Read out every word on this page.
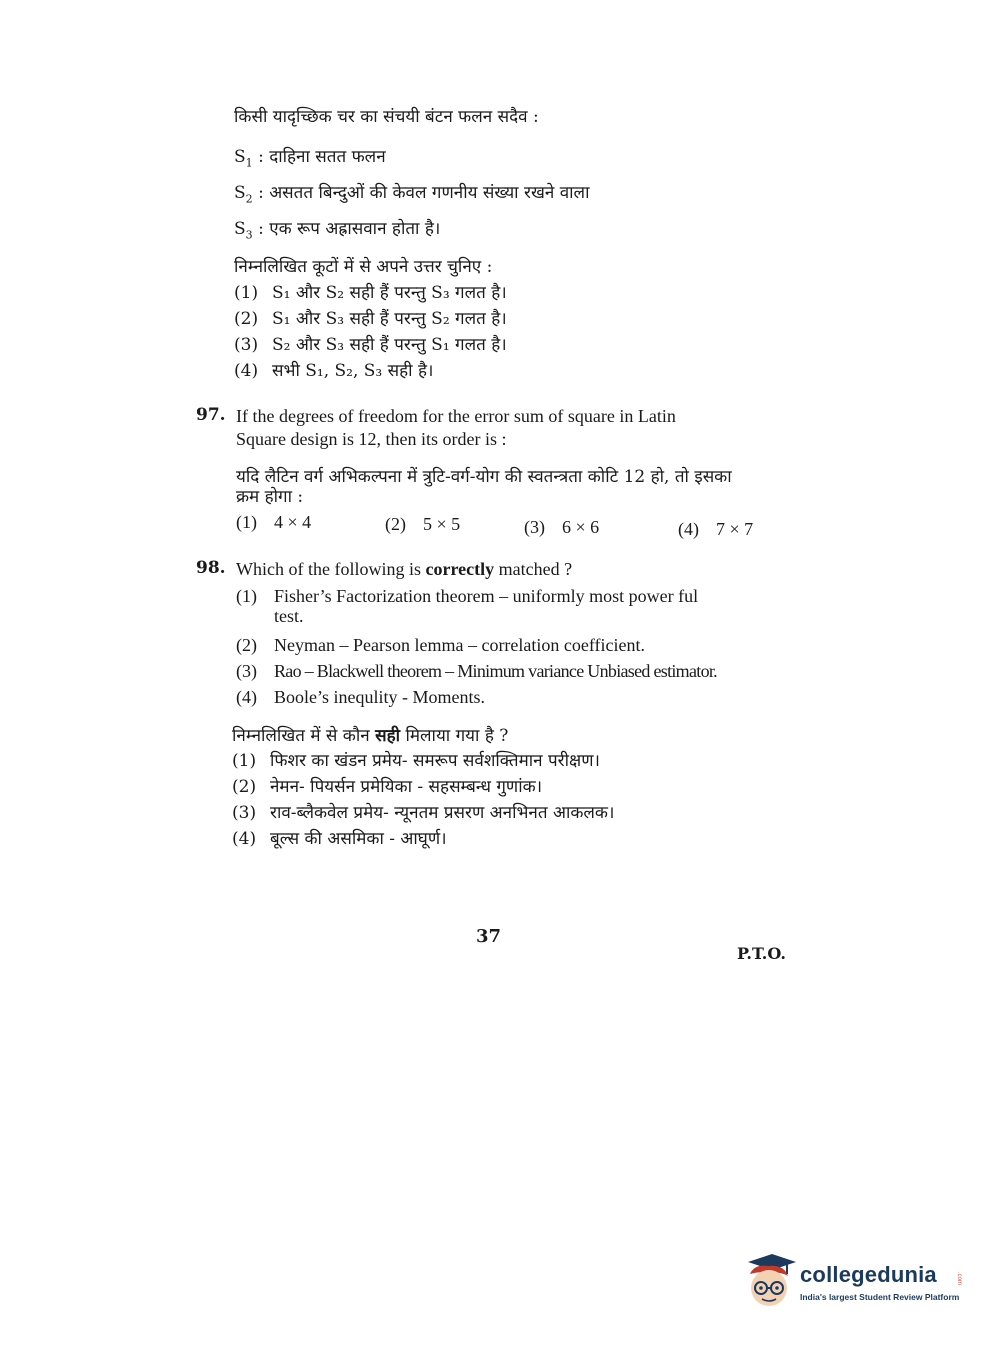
किसी यादृच्छिक चर का संचयी बंटन फलन सदैव :
$S_1$ : दाहिना सतत फलन
$S_2$ : असतत बिन्दुओं की केवल गणनीय संख्या रखने वाला
$S_3$ : एक रूप अह्रासवान होता है।
निम्नलिखित कूटों में से अपने उत्तर चुनिए :
(1) S₁ और S₂ सही हैं परन्तु S₃ गलत है।
(2) S₁ और S₃ सही हैं परन्तु S₂ गलत है।
(3) S₂ और S₃ सही हैं परन्तु S₁ गलत है।
(4) सभी S₁, S₂, S₃ सही है।
97. If the degrees of freedom for the error sum of square in Latin
Square design is 12, then its order is :
यदि लैटिन वर्ग अभिकल्पना में त्रुटि-वर्ग-योग की स्वतन्त्रता कोटि 12 हो, तो इसका
क्रम होगा :
(1) 4 × 4	(2) 5 × 5	(3) 6 × 6	(4) 7 × 7
98. Which of the following is correctly matched ?
(1) Fisher’s Factorization theorem – uniformly most power ful
test.
(2) Neyman – Pearson lemma – correlation coefficient.
(3) Rao – Blackwell theorem – Minimum variance Unbiased estimator.
(4) Boole’s inequlity - Moments.
निम्नलिखित में से कौन सही मिलाया गया है ?
(1) फिशर का खंडन प्रमेय- समरूप सर्वशक्तिमान परीक्षण।
(2) नेमन- पियर्सन प्रमेयिका - सहसम्बन्ध गुणांक।
(3) राव-ब्लैकवेल प्रमेय- न्यूनतम प्रसरण अनभिनत आकलक।
(4) बूल्स की असमिका - आघूर्ण।
37
P.T.O.
collegedunia	.com
India's largest Student Review Platform
